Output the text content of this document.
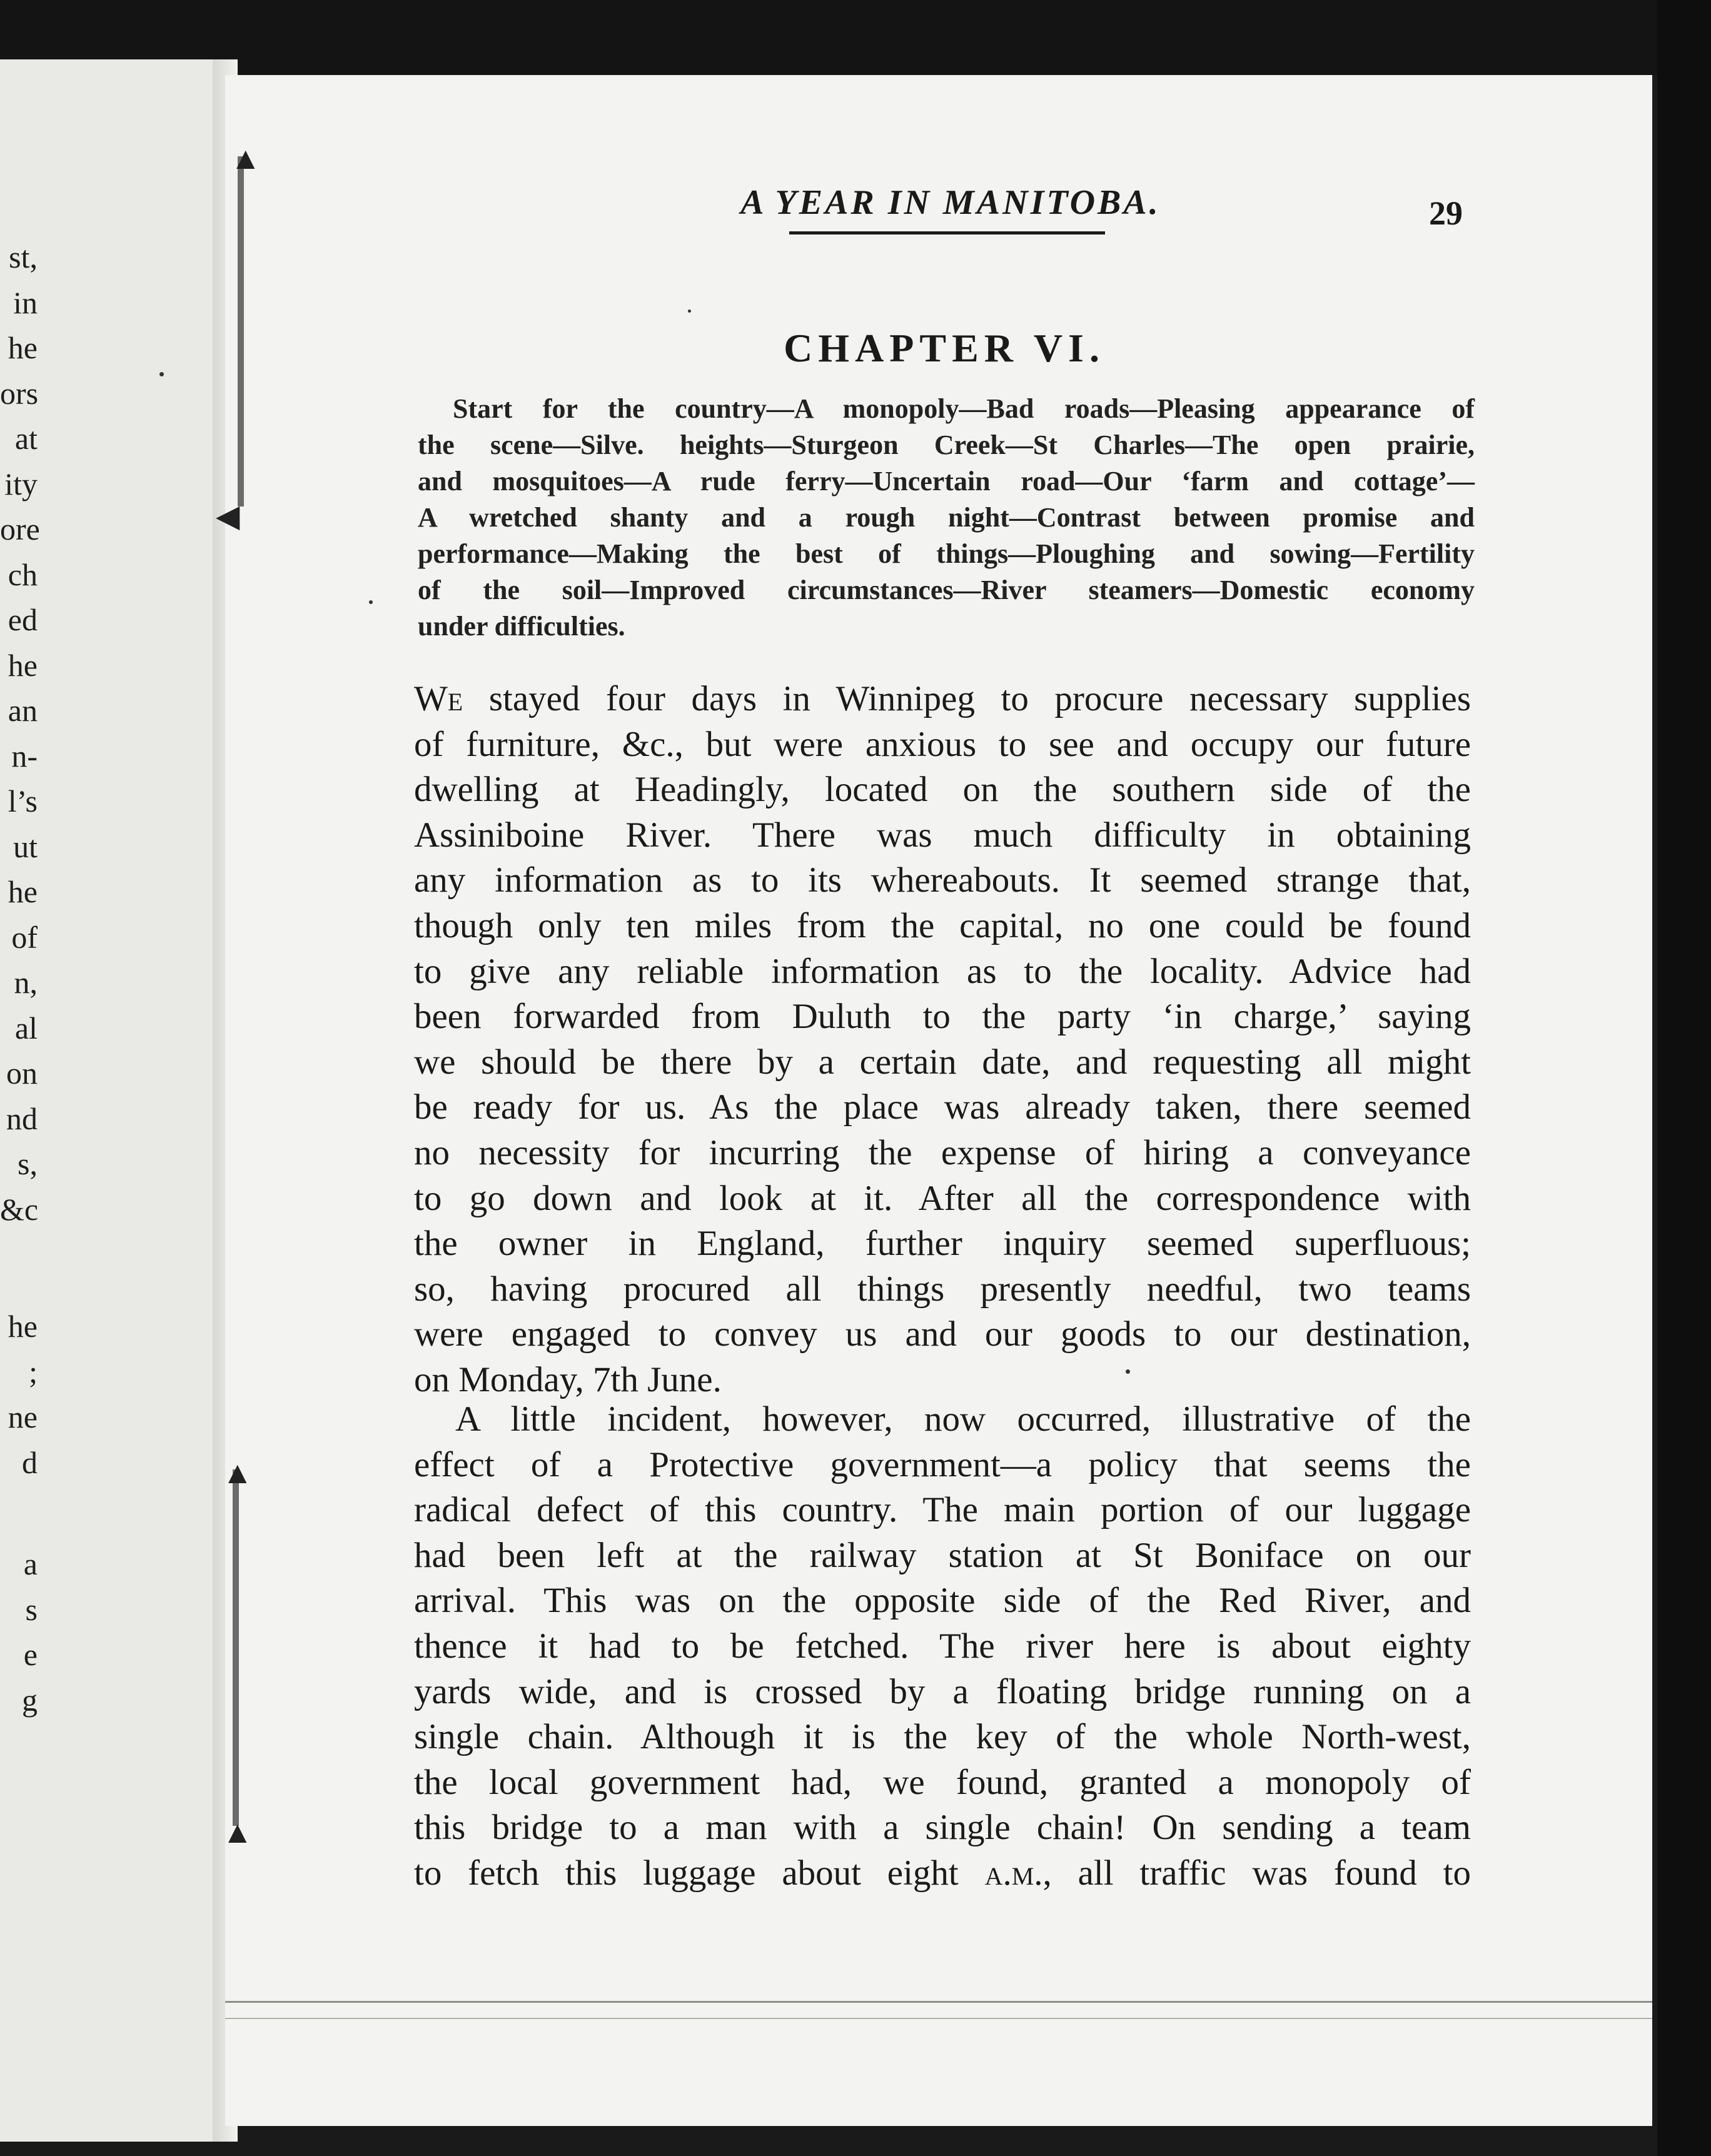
st,
in
he
ors
at
ity
ore
ch
ed
he
an
n-
l’s
ut
he
of
n,
al
on
nd
s,
&c
he
;
ne
d
a
s
e
g
▲
◀
▲
▲
A YEAR IN MANITOBA.	29
CHAPTER VI.
Start for the country—A monopoly—Bad roads—Pleasing appearance of
the scene—Silve. heights—Sturgeon Creek—St Charles—The open prairie,
and mosquitoes—A rude ferry—Uncertain road—Our ‘farm and cottage’—
A wretched shanty and a rough night—Contrast between promise and
performance—Making the best of things—Ploughing and sowing—Fertility
of the soil—Improved circumstances—River steamers—Domestic economy
under difficulties.
We stayed four days in Winnipeg to procure necessary supplies
of furniture, &c., but were anxious to see and occupy our future
dwelling at Headingly, located on the southern side of the
Assiniboine River. There was much difficulty in obtaining
any information as to its whereabouts. It seemed strange that,
though only ten miles from the capital, no one could be found
to give any reliable information as to the locality. Advice had
been forwarded from Duluth to the party ‘in charge,’ saying
we should be there by a certain date, and requesting all might
be ready for us. As the place was already taken, there seemed
no necessity for incurring the expense of hiring a conveyance
to go down and look at it. After all the correspondence with
the owner in England, further inquiry seemed superfluous;
so, having procured all things presently needful, two teams
were engaged to convey us and our goods to our destination,
on Monday, 7th June.
A little incident, however, now occurred, illustrative of the
effect of a Protective government—a policy that seems the
radical defect of this country. The main portion of our luggage
had been left at the railway station at St Boniface on our
arrival. This was on the opposite side of the Red River, and
thence it had to be fetched. The river here is about eighty
yards wide, and is crossed by a floating bridge running on a
single chain. Although it is the key of the whole North-west,
the local government had, we found, granted a monopoly of
this bridge to a man with a single chain! On sending a team
to fetch this luggage about eight a.m., all traffic was found to
